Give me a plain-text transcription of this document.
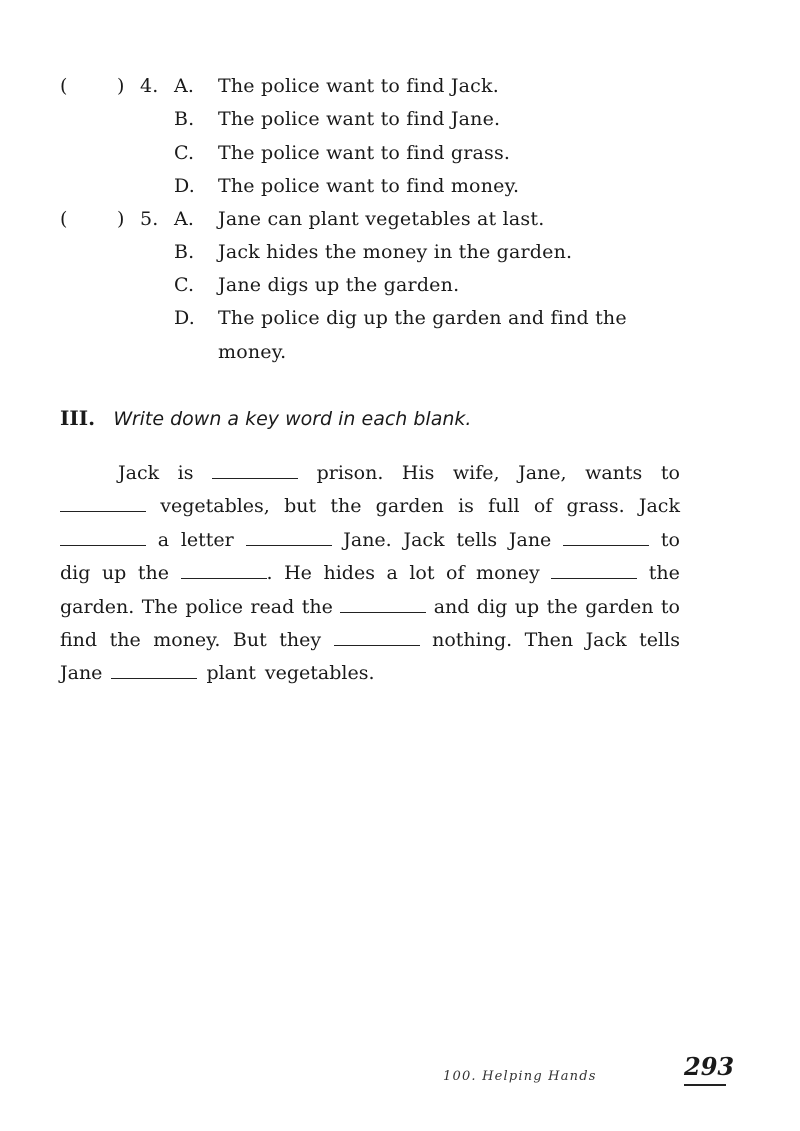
(	) 4. A.	The police want to find Jack.
B.	The police want to find Jane.
C.	The police want to find grass.
D.	The police want to find money.
(	) 5. A.	Jane can plant vegetables at last.
B.	Jack hides the money in the garden.
C.	Jane digs up the garden.
D.	The police dig up the garden and find the
money.
III. Write down a key word in each blank.
Jack is	prison. His wife, Jane, wants to
vegetables, but the garden is full of grass. Jack
a letter	Jane. Jack tells Jane	to
dig up the	. He hides a lot of money	the
garden. The police read the	and dig up the garden to
find the money. But they	nothing. Then Jack tells
Jane	plant vegetables.
100. Helping Hands	293
